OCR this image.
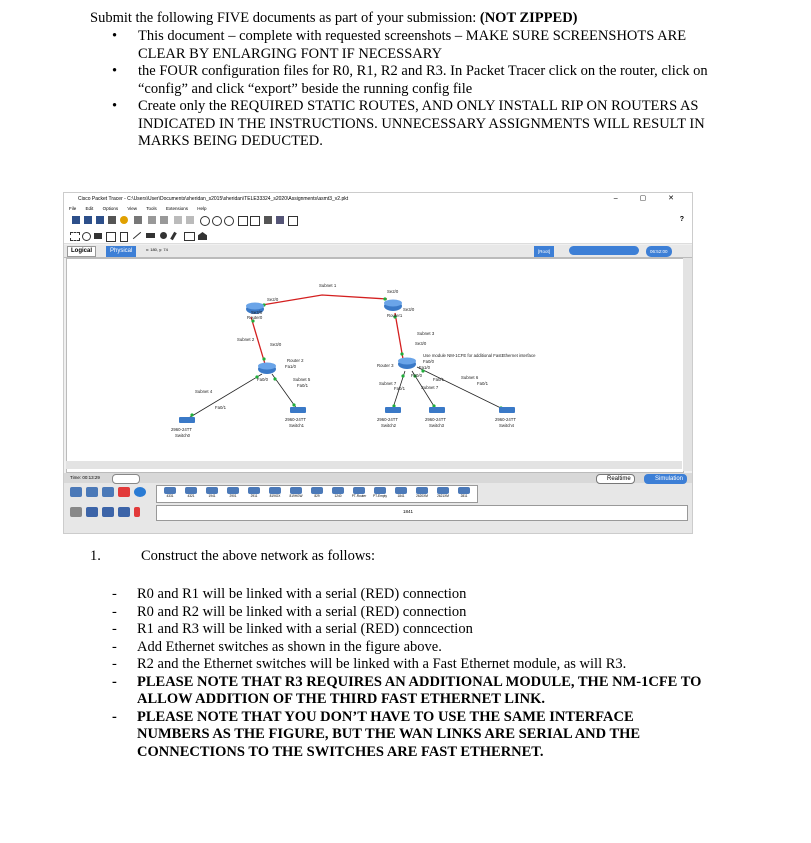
Submit the following FIVE documents as part of your submission: (NOT ZIPPED)
• This document – complete with requested screenshots – MAKE SURE SCREENSHOTS ARE CLEAR BY ENLARGING FONT IF NECESSARY
• the FOUR configuration files for R0, R1, R2 and R3. In Packet Tracer click on the router, click on “config” and click “export” beside the running config file
• Create only the REQUIRED STATIC ROUTES, AND ONLY INSTALL RIP ON ROUTERS AS INDICATED IN THE INSTRUCTIONS. UNNECESSARY ASSIGNMENTS WILL RESULT IN MARKS BEING DEDUCTED.
Cisco Packet Tracer - C:\Users\User\Documents\sheridan_s2015\sheridan\TELE33324_s2020\Assignments\asmt3_v2.pkt	– ▢ ✕
File Edit Options View Tools Extensions Help
?
Logical	Physical	x: 180, y: 74	[Root]	06:52:00
Subnet 1
Se2/0
Router0
Se3/0
Se2/0
Se3/0
Router1
Subnet 2
Se3/0
Subnet 3
Se3/0
Router 2
Fa1/0
Fa0/0	Subnet 5
Fa0/1
Router 3
Use module NM-1CFE for additional FastEthernet interface
Fa0/0
Fa1/0
Fa0/0	Subnet 6
Fa0/1
Fa0/1
Subnet 7
Subnet 7
Fa0/1
Subnet 4
Fa0/1
2960-24TT
Switch0
2960-24TT
Switch1
2960-24TT
Switch2
2960-24TT
Switch3
2960-24TT
Switch4
Time: 00:13:29	Realtime	Simulation
4331	4321	1941	2901	2911	819IOX	819HGW	829	1240	PT-Router	PT-Empty	1841	2620XM	2621XM	2811
1841
1.	Construct the above network as follows:
- R0 and R1 will be linked with a serial (RED) connection
- R0 and R2 will be linked with a serial (RED) connection
- R1 and R3 will be linked with a serial (RED) conncection
- Add Ethernet switches as shown in the figure above.
- R2 and the Ethernet switches will be linked with a Fast Ethernet module, as will R3.
- PLEASE NOTE THAT R3 REQUIRES AN ADDITIONAL MODULE, THE NM-1CFE TO ALLOW ADDITION OF THE THIRD FAST ETHERNET LINK.
- PLEASE NOTE THAT YOU DON’T HAVE TO USE THE SAME INTERFACE NUMBERS AS THE FIGURE, BUT THE WAN LINKS ARE SERIAL AND THE CONNECTIONS TO THE SWITCHES ARE FAST ETHERNET.
